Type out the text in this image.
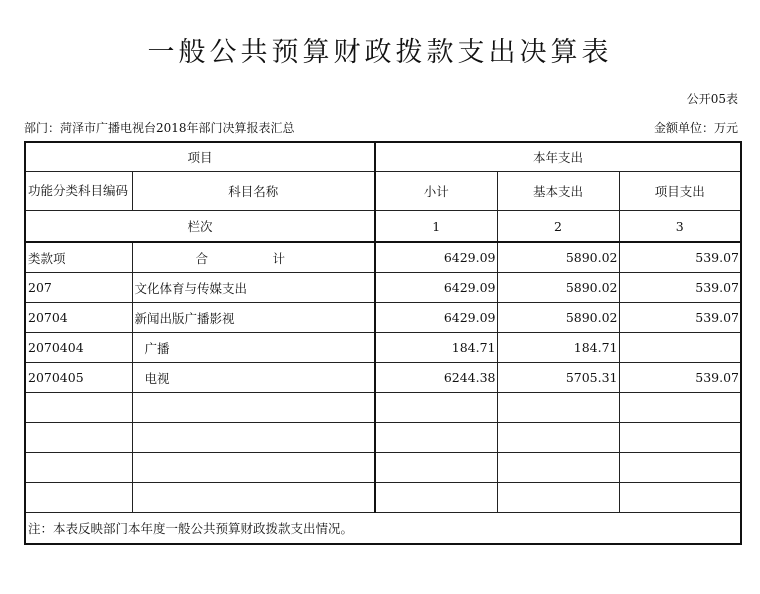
一般公共预算财政拨款支出决算表
公开05表
部门：菏泽市广播电视台2018年部门决算报表汇总	金额单位：万元
项目		本年支出		
功能分类科目编码	科目名称	小计	基本支出	项目支出
栏次		1	2	3
类款项	合　计	6429.09	5890.02	539.07
207	文化体育与传媒支出	6429.09	5890.02	539.07
20704	新闻出版广播影视	6429.09	5890.02	539.07
2070404	广播	184.71	184.71	
2070405	电视	6244.38	5705.31	539.07

注：本表反映部门本年度一般公共预算财政拨款支出情况。				
